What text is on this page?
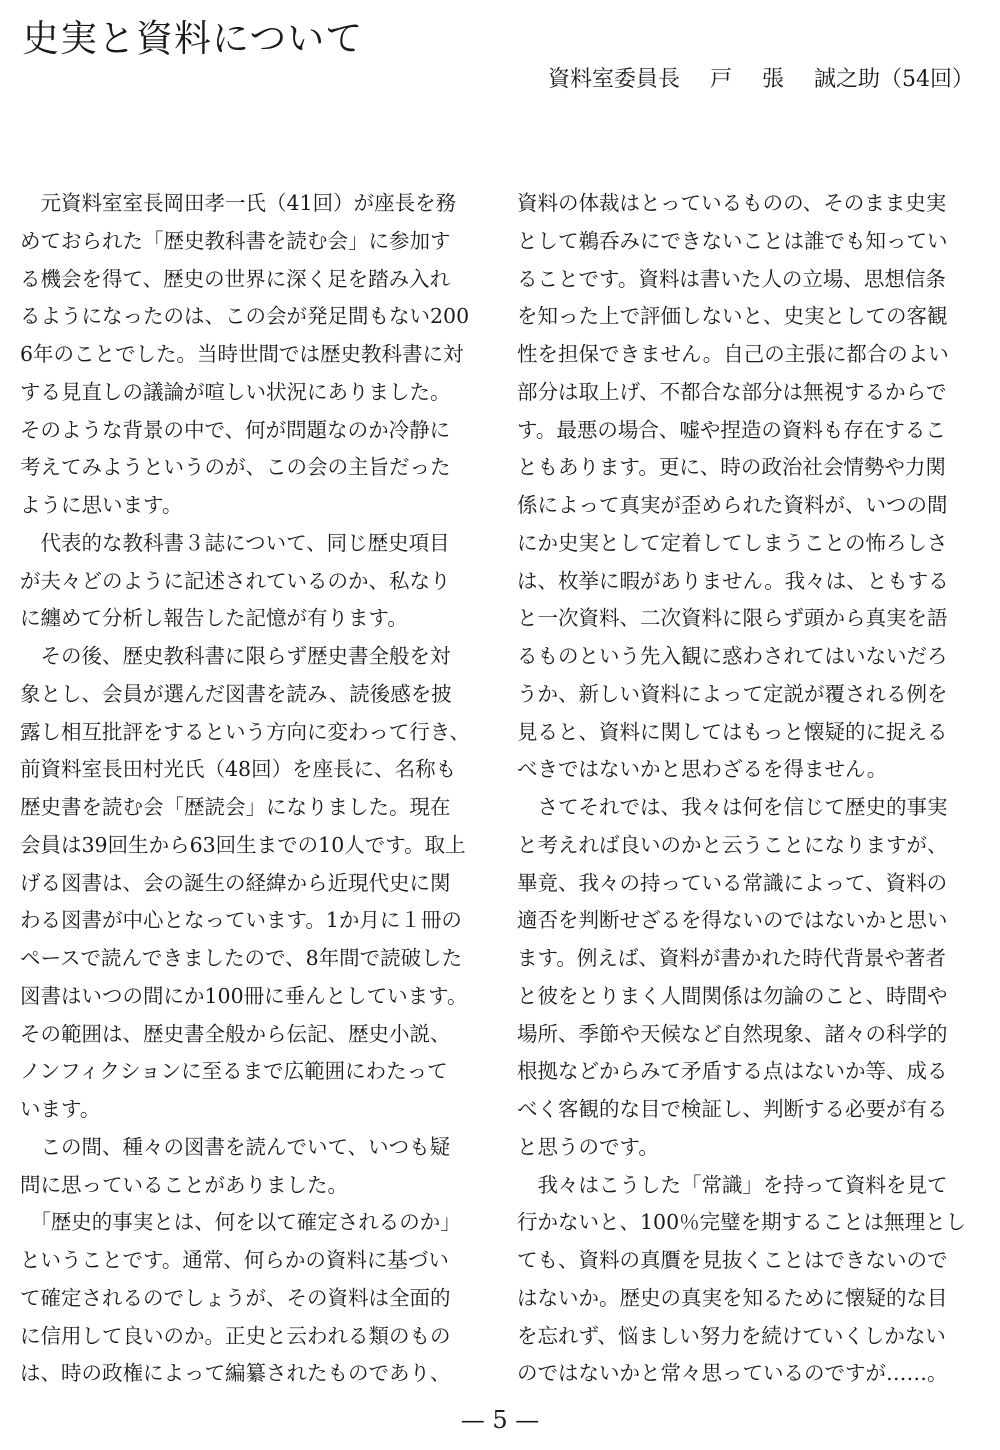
史実と資料について
資料室委員長 戸 張 誠之助（54回）
　元資料室室長岡田孝一氏（41回）が座長を務
めておられた「歴史教科書を読む会」に参加す
る機会を得て、歴史の世界に深く足を踏み入れ
るようになったのは、この会が発足間もない200
6年のことでした。当時世間では歴史教科書に対
する見直しの議論が喧しい状況にありました。
そのような背景の中で、何が問題なのか冷静に
考えてみようというのが、この会の主旨だった
ように思います。
　代表的な教科書３誌について、同じ歴史項目
が夫々どのように記述されているのか、私なり
に纏めて分析し報告した記憶が有ります。
　その後、歴史教科書に限らず歴史書全般を対
象とし、会員が選んだ図書を読み、読後感を披
露し相互批評をするという方向に変わって行き、
前資料室長田村光氏（48回）を座長に、名称も
歴史書を読む会「歴読会」になりました。現在
会員は39回生から63回生までの10人です。取上
げる図書は、会の誕生の経緯から近現代史に関
わる図書が中心となっています。1か月に１冊の
ペースで読んできましたので、8年間で読破した
図書はいつの間にか100冊に垂んとしています。
その範囲は、歴史書全般から伝記、歴史小説、
ノンフィクションに至るまで広範囲にわたって
います。
　この間、種々の図書を読んでいて、いつも疑
問に思っていることがありました。
　「歴史的事実とは、何を以て確定されるのか」
ということです。通常、何らかの資料に基づい
て確定されるのでしょうが、その資料は全面的
に信用して良いのか。正史と云われる類のもの
は、時の政権によって編纂されたものであり、
資料の体裁はとっているものの、そのまま史実
として鵜呑みにできないことは誰でも知ってい
ることです。資料は書いた人の立場、思想信条
を知った上で評価しないと、史実としての客観
性を担保できません。自己の主張に都合のよい
部分は取上げ、不都合な部分は無視するからで
す。最悪の場合、嘘や捏造の資料も存在するこ
ともあります。更に、時の政治社会情勢や力関
係によって真実が歪められた資料が、いつの間
にか史実として定着してしまうことの怖ろしさ
は、枚挙に暇がありません。我々は、ともする
と一次資料、二次資料に限らず頭から真実を語
るものという先入観に惑わされてはいないだろ
うか、新しい資料によって定説が覆される例を
見ると、資料に関してはもっと懐疑的に捉える
べきではないかと思わざるを得ません。
　さてそれでは、我々は何を信じて歴史的事実
と考えれば良いのかと云うことになりますが、
畢竟、我々の持っている常識によって、資料の
適否を判断せざるを得ないのではないかと思い
ます。例えば、資料が書かれた時代背景や著者
と彼をとりまく人間関係は勿論のこと、時間や
場所、季節や天候など自然現象、諸々の科学的
根拠などからみて矛盾する点はないか等、成る
べく客観的な目で検証し、判断する必要が有る
と思うのです。
　我々はこうした「常識」を持って資料を見て
行かないと、100％完璧を期することは無理とし
ても、資料の真贋を見抜くことはできないので
はないか。歴史の真実を知るために懐疑的な目
を忘れず、悩ましい努力を続けていくしかない
のではないかと常々思っているのですが……。
— 5 —
